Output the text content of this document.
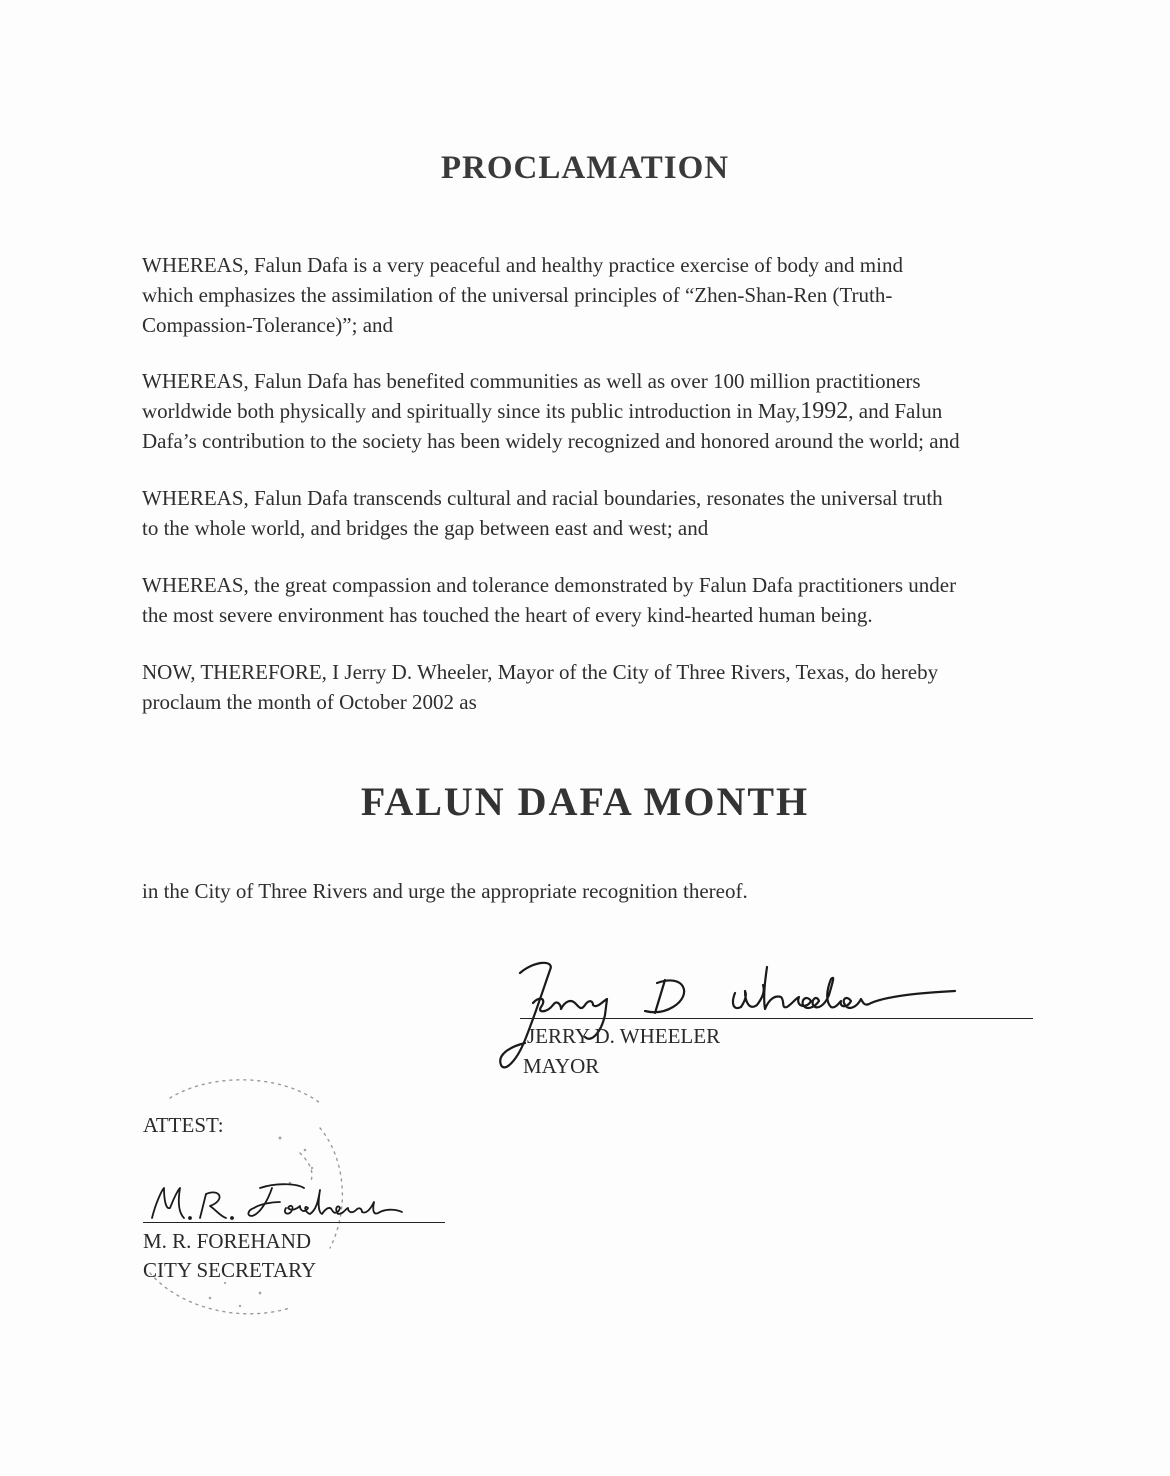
PROCLAMATION
WHEREAS, Falun Dafa is a very peaceful and healthy practice exercise of body and mind
which emphasizes the assimilation of the universal principles of “Zhen-Shan-Ren (Truth-
Compassion-Tolerance)”; and
WHEREAS, Falun Dafa has benefited communities as well as over 100 million practitioners
worldwide both physically and spiritually since its public introduction in May,1992, and Falun
Dafa’s contribution to the society has been widely recognized and honored around the world; and
WHEREAS, Falun Dafa transcends cultural and racial boundaries, resonates the universal truth
to the whole world, and bridges the gap between east and west; and
WHEREAS, the great compassion and tolerance demonstrated by Falun Dafa practitioners under
the most severe environment has touched the heart of every kind-hearted human being.
NOW, THEREFORE, I Jerry D. Wheeler, Mayor of the City of Three Rivers, Texas, do hereby
proclaum the month of October 2002 as
FALUN DAFA MONTH
in the City of Three Rivers and urge the appropriate recognition thereof.
JERRY D. WHEELER
MAYOR
ATTEST:
M. R. FOREHAND
CITY SECRETARY
